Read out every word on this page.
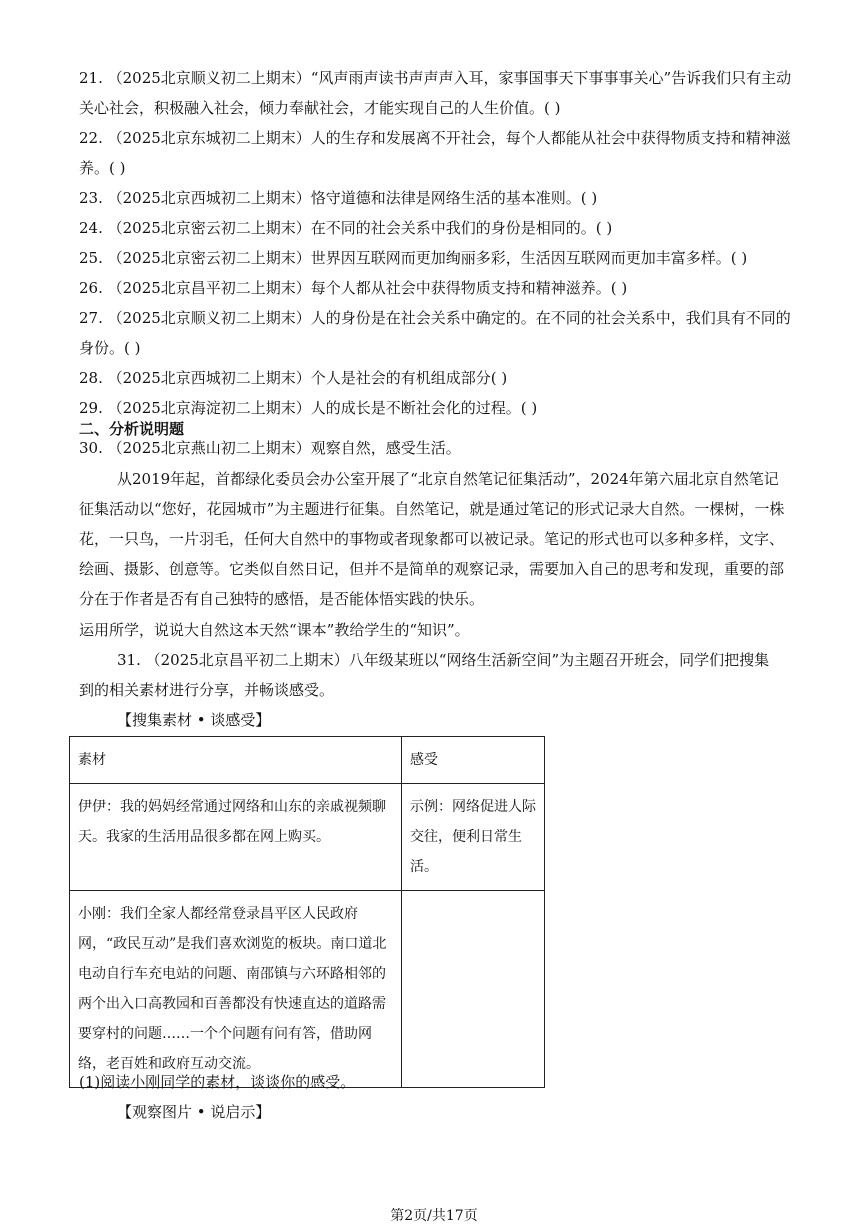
21. （2025北京顺义初二上期末）“风声雨声读书声声声入耳，家事国事天下事事事关心”告诉我们只有主动
关心社会，积极融入社会，倾力奉献社会，才能实现自己的人生价值。( )
22. （2025北京东城初二上期末）人的生存和发展离不开社会，每个人都能从社会中获得物质支持和精神滋
养。( )
23. （2025北京西城初二上期末）恪守道德和法律是网络生活的基本准则。( )
24. （2025北京密云初二上期末）在不同的社会关系中我们的身份是相同的。( )
25. （2025北京密云初二上期末）世界因互联网而更加绚丽多彩，生活因互联网而更加丰富多样。( )
26. （2025北京昌平初二上期末）每个人都从社会中获得物质支持和精神滋养。( )
27. （2025北京顺义初二上期末）人的身份是在社会关系中确定的。在不同的社会关系中，我们具有不同的
身份。( )
28. （2025北京西城初二上期末）个人是社会的有机组成部分( )
29. （2025北京海淀初二上期末）人的成长是不断社会化的过程。( )
二、分析说明题
30. （2025北京燕山初二上期末）观察自然，感受生活。
从2019年起，首都绿化委员会办公室开展了“北京自然笔记征集活动”，2024年第六届北京自然笔记征集活动以“您好，花园城市”为主题进行征集。自然笔记，就是通过笔记的形式记录大自然。一棵树，一株花，一只鸟，一片羽毛，任何大自然中的事物或者现象都可以被记录。笔记的形式也可以多种多样，文字、绘画、摄影、创意等。它类似自然日记，但并不是简单的观察记录，需要加入自己的思考和发现，重要的部分在于作者是否有自己独特的感悟，是否能体悟实践的快乐。
运用所学，说说大自然这本天然“课本”教给学生的“知识”。
31. （2025北京昌平初二上期末）八年级某班以“网络生活新空间”为主题召开班会，同学们把搜集
到的相关素材进行分享，并畅谈感受。
【搜集素材 • 谈感受】
素材	感受
伊伊：我的妈妈经常通过网络和山东的亲戚视频聊天。我家的生活用品很多都在网上购买。	示例：网络促进人际交往，便利日常生活。
小刚：我们全家人都经常登录昌平区人民政府网，“政民互动”是我们喜欢浏览的板块。南口道北电动自行车充电站的问题、南邵镇与六环路相邻的两个出入口高教园和百善都没有快速直达的道路需要穿村的问题……一个个问题有问有答，借助网络，老百姓和政府互动交流。	
(1)阅读小刚同学的素材，谈谈你的感受。
【观察图片 • 说启示】
第2页/共17页
